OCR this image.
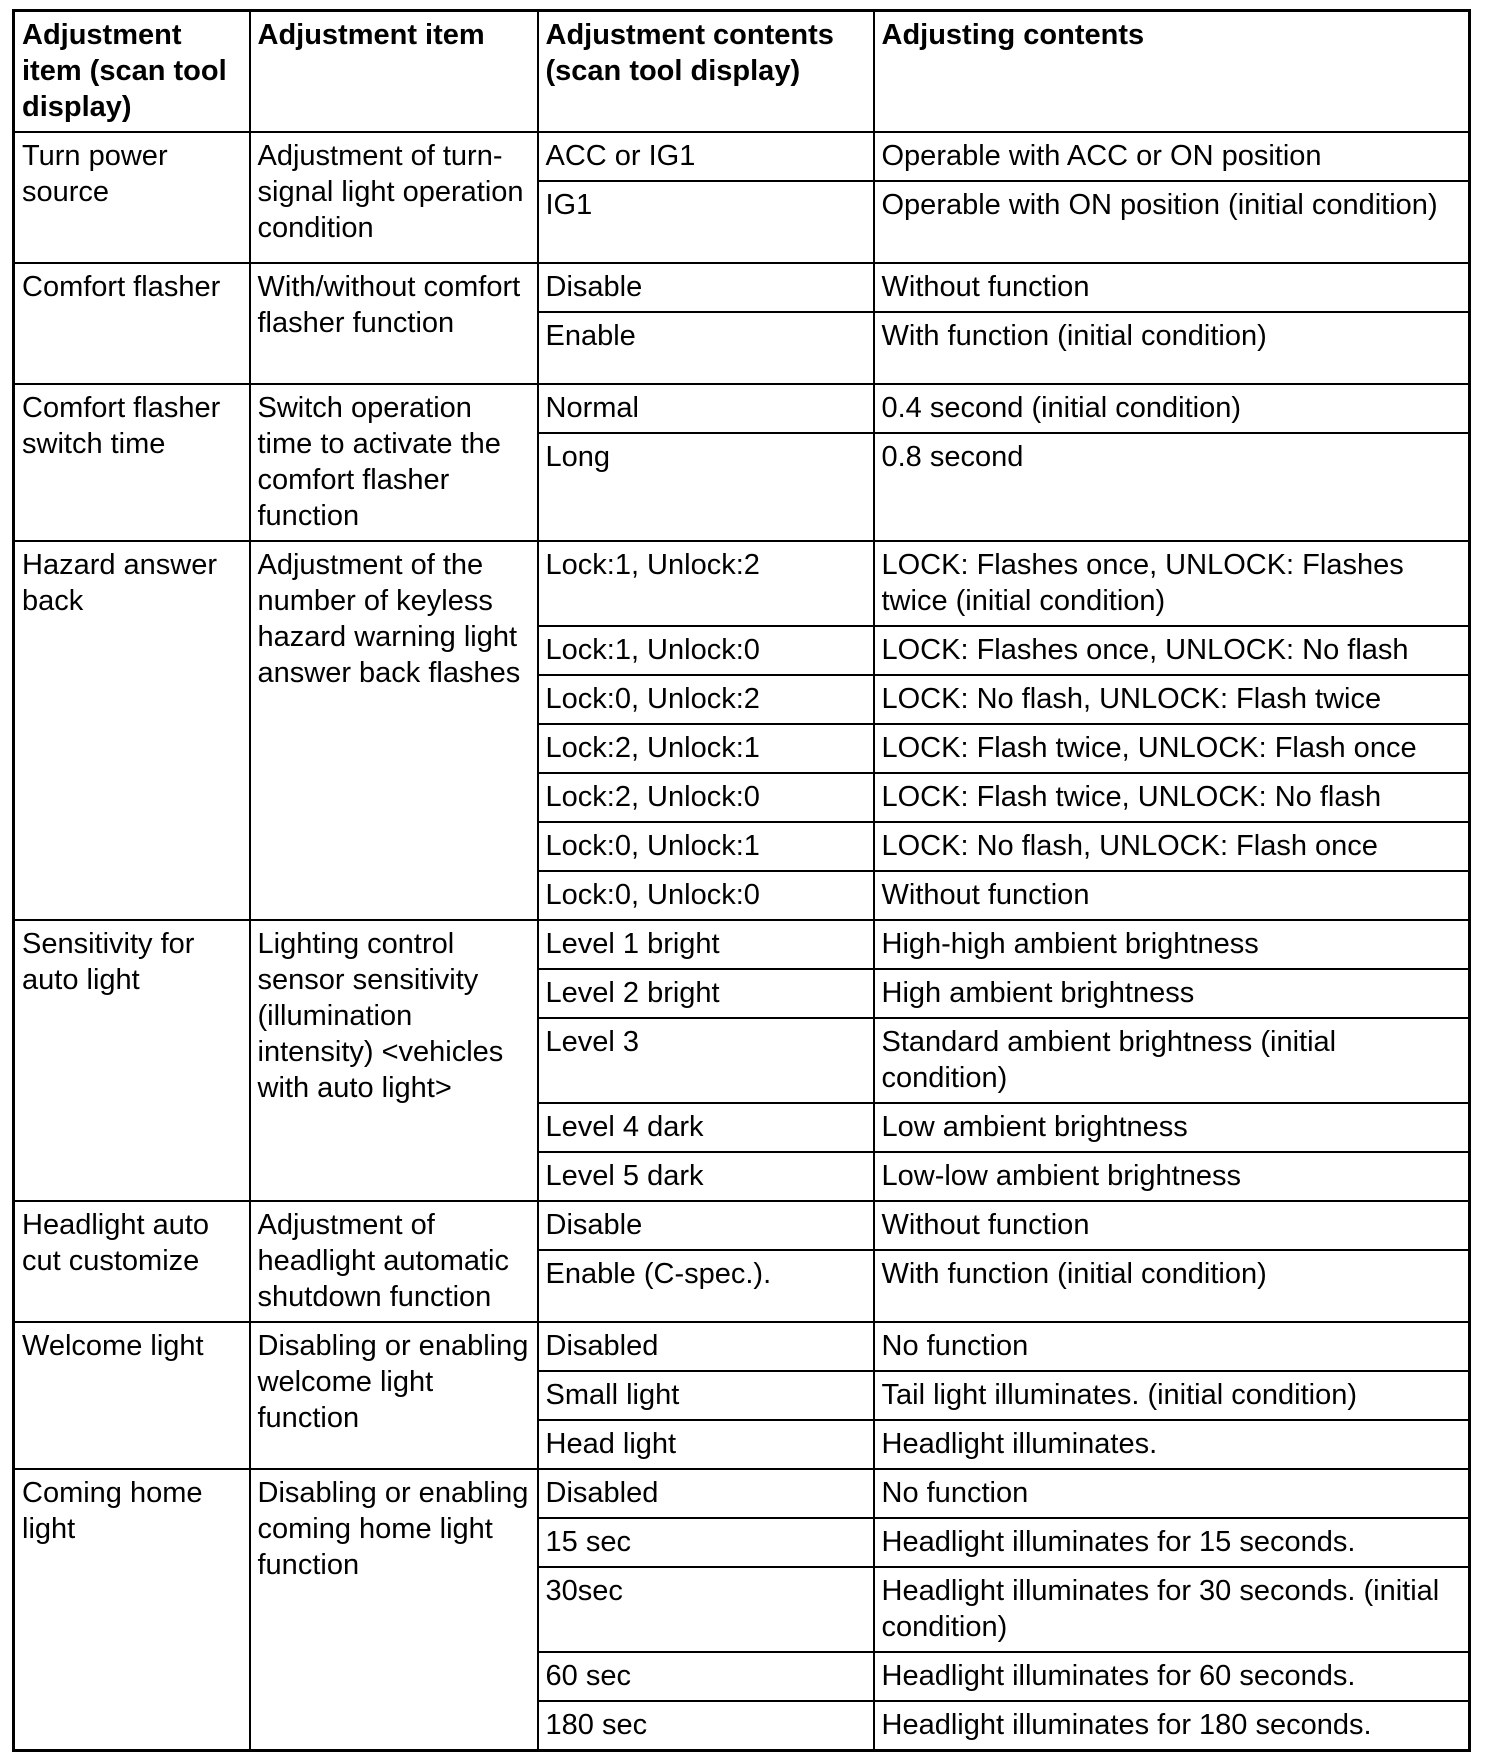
Adjustment item (scan tool display)	Adjustment item	Adjustment contents (scan tool display)	Adjusting contents
Turn power source	Adjustment of turn-signal light operation condition	ACC or IG1	Operable with ACC or ON position
		IG1	Operable with ON position (initial condition)
Comfort flasher	With/without comfort flasher function	Disable	Without function
		Enable	With function (initial condition)
Comfort flasher switch time	Switch operation time to activate the comfort flasher function	Normal	0.4 second (initial condition)
		Long	0.8 second
Hazard answer back	Adjustment of the number of keyless hazard warning light answer back flashes	Lock:1, Unlock:2	LOCK: Flashes once, UNLOCK: Flashes twice (initial condition)
		Lock:1, Unlock:0	LOCK: Flashes once, UNLOCK: No flash
		Lock:0, Unlock:2	LOCK: No flash, UNLOCK: Flash twice
		Lock:2, Unlock:1	LOCK: Flash twice, UNLOCK: Flash once
		Lock:2, Unlock:0	LOCK: Flash twice, UNLOCK: No flash
		Lock:0, Unlock:1	LOCK: No flash, UNLOCK: Flash once
		Lock:0, Unlock:0	Without function
Sensitivity for auto light	Lighting control sensor sensitivity (illumination intensity) <vehicles with auto light>	Level 1 bright	High-high ambient brightness
		Level 2 bright	High ambient brightness
		Level 3	Standard ambient brightness (initial condition)
		Level 4 dark	Low ambient brightness
		Level 5 dark	Low-low ambient brightness
Headlight auto cut customize	Adjustment of headlight automatic shutdown function	Disable	Without function
		Enable (C-spec.).	With function (initial condition)
Welcome light	Disabling or enabling welcome light function	Disabled	No function
		Small light	Tail light illuminates. (initial condition)
		Head light	Headlight illuminates.
Coming home light	Disabling or enabling coming home light function	Disabled	No function
		15 sec	Headlight illuminates for 15 seconds.
		30sec	Headlight illuminates for 30 seconds. (initial condition)
		60 sec	Headlight illuminates for 60 seconds.
		180 sec	Headlight illuminates for 180 seconds.
